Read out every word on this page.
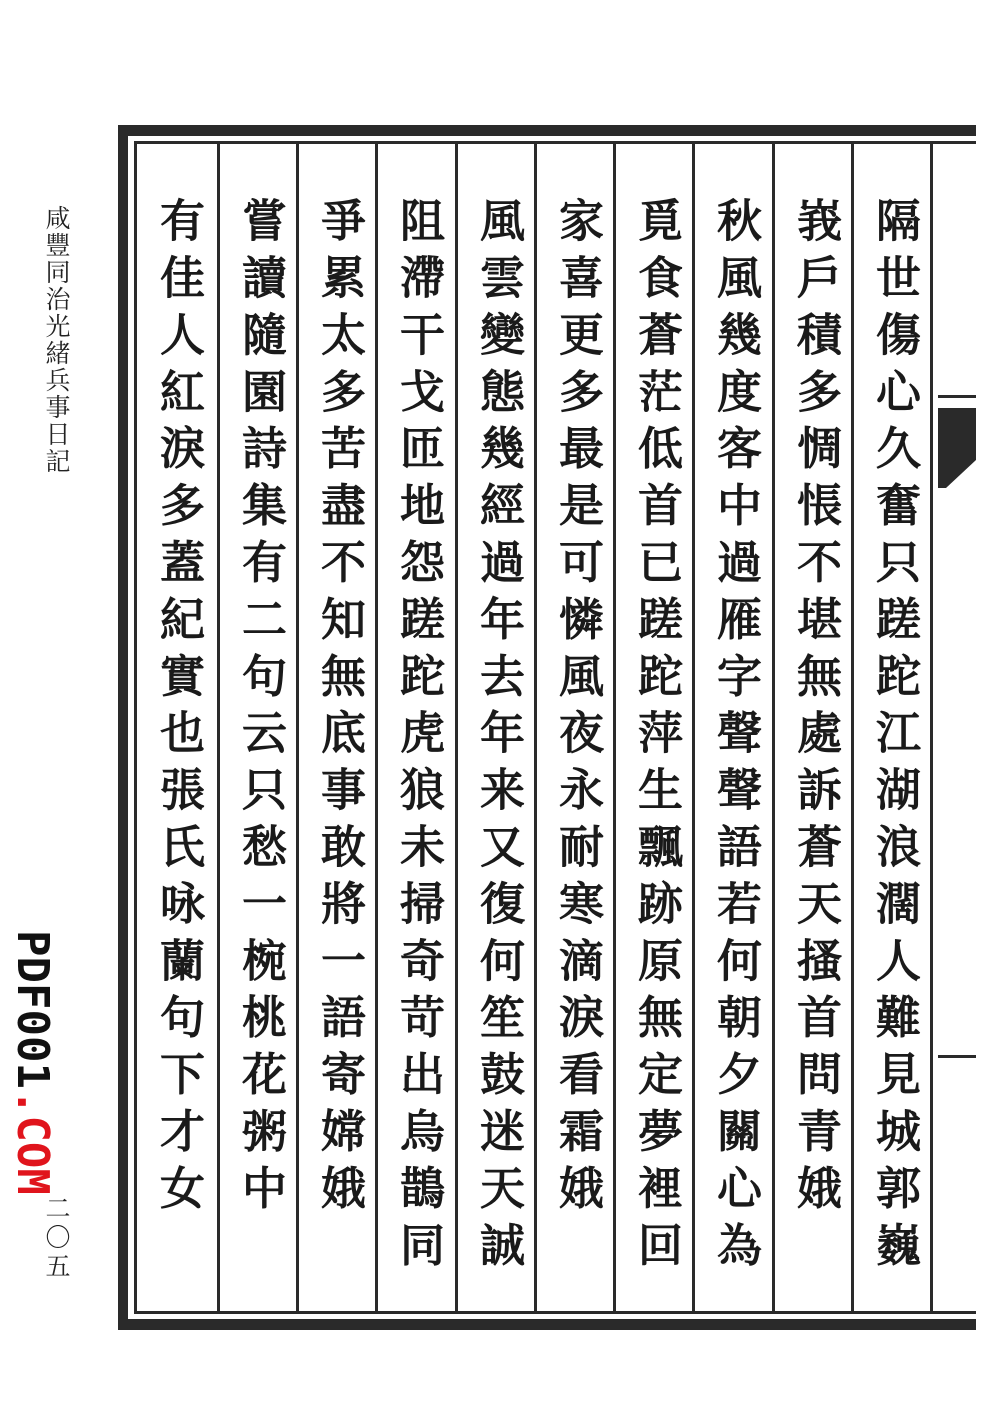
咸豐同治光緒兵事日記
二〇五
PDF001.COM	隔世傷心久奮只蹉跎江湖浪濶人難見城郭巍
峩戶積多惆悵不堪無處訴蒼天搔首問青娥
秋風幾度客中過雁字聲聲語若何朝夕關心為
覓食蒼茫低首已蹉跎萍生飄跡原無定夢裡回
家喜更多最是可憐風夜永耐寒滴淚看霜娥
風雲變態幾經過年去年来又復何笙鼓迷天誠
阻滯干戈匝地怨蹉跎虎狼未掃奇苛出烏鵲同
爭累太多苦盡不知無底事敢將一語寄嫦娥
嘗讀隨園詩集有二句云只愁一椀桃花粥中
有佳人紅淚多蓋紀實也張氏咏蘭句下才女
